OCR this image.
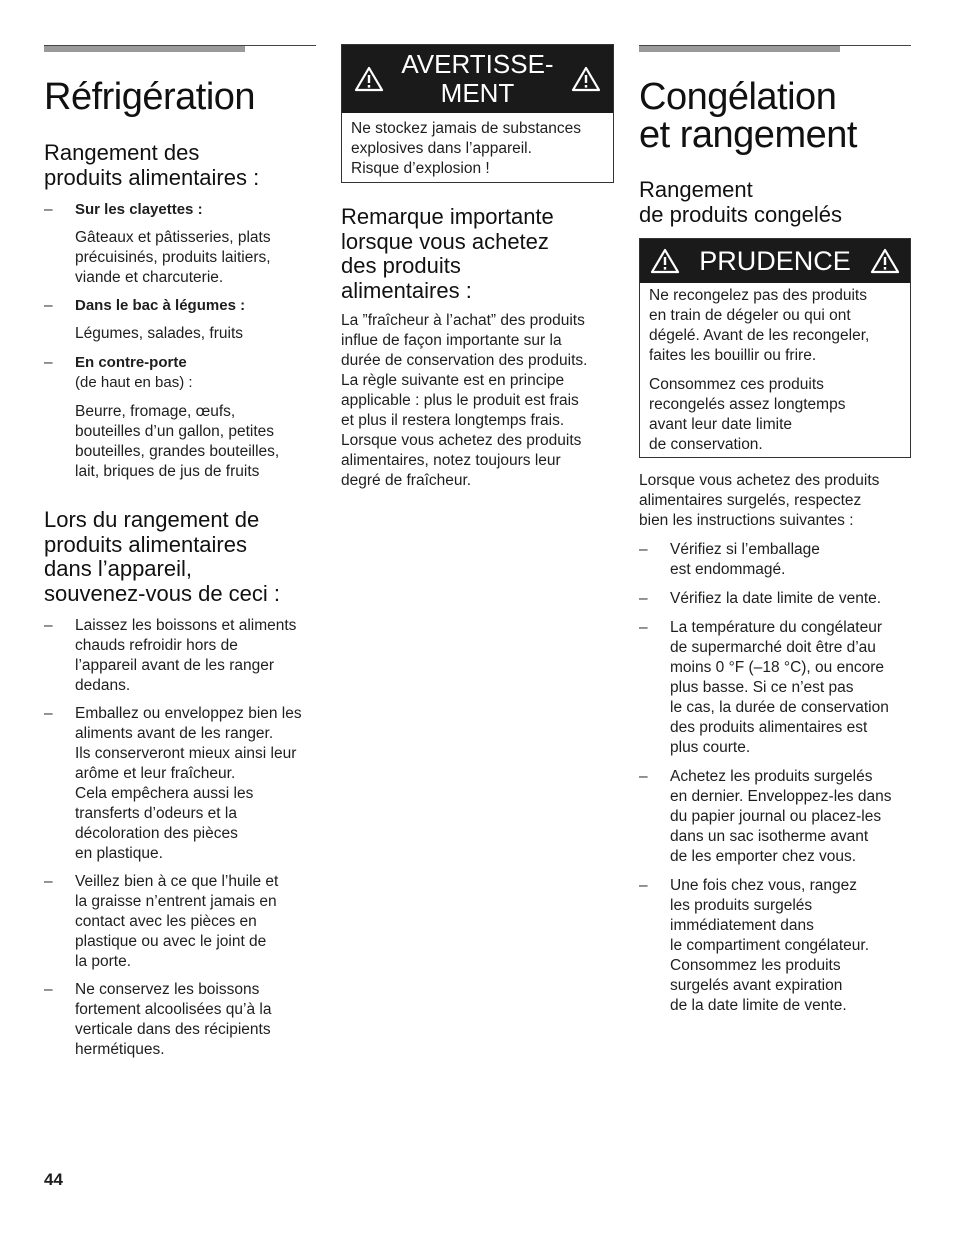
Réfrigération
Rangement des
produits alimentaires :
– Sur les clayettes :

Gâteaux et pâtisseries, plats
précuisinés, produits laitiers,
viande et charcuterie.

– Dans le bac à légumes :

Légumes, salades, fruits

– En contre-porte
(de haut en bas) :

Beurre, fromage, œufs,
bouteilles d’un gallon, petites
bouteilles, grandes bouteilles,
lait, briques de jus de fruits

Lors du rangement de
produits alimentaires
dans l’appareil,
souvenez-vous de ceci :
– Laissez les boissons et aliments
chauds refroidir hors de
l’appareil avant de les ranger
dedans.
– Emballez ou enveloppez bien les
aliments avant de les ranger.
Ils conserveront mieux ainsi leur
arôme et leur fraîcheur.
Cela empêchera aussi les
transferts d’odeurs et la
décoloration des pièces
en plastique.
– Veillez bien à ce que l’huile et
la graisse n’entrent jamais en
contact avec les pièces en
plastique ou avec le joint de
la porte.
– Ne conservez les boissons
fortement alcoolisées qu’à la
verticale dans des récipients
hermétiques.
AVERTISSE-
MENT

Ne stockez jamais de substances
explosives dans l’appareil.
Risque d’explosion !

Remarque importante
lorsque vous achetez
des produits
alimentaires :

La ”fraîcheur à l’achat” des produits
influe de façon importante sur la
durée de conservation des produits.
La règle suivante est en principe
applicable : plus le produit est frais
et plus il restera longtemps frais.
Lorsque vous achetez des produits
alimentaires, notez toujours leur
degré de fraîcheur.

Congélation
et rangement
Rangement
de produits congelés
PRUDENCE

Ne recongelez pas des produits
en train de dégeler ou qui ont
dégelé. Avant de les recongeler,
faites les bouillir ou frire.

Consommez ces produits
recongelés assez longtemps
avant leur date limite
de conservation.

Lorsque vous achetez des produits
alimentaires surgelés, respectez
bien les instructions suivantes :

– Vérifiez si l’emballage
est endommagé.
– Vérifiez la date limite de vente.
– La température du congélateur
de supermarché doit être d’au
moins 0 °F (–18 °C), ou encore
plus basse. Si ce n’est pas
le cas, la durée de conservation
des produits alimentaires est
plus courte.
– Achetez les produits surgelés
en dernier. Enveloppez-les dans
du papier journal ou placez-les
dans un sac isotherme avant
de les emporter chez vous.
– Une fois chez vous, rangez
les produits surgelés
immédiatement dans
le compartiment congélateur.
Consommez les produits
surgelés avant expiration
de la date limite de vente.
44
